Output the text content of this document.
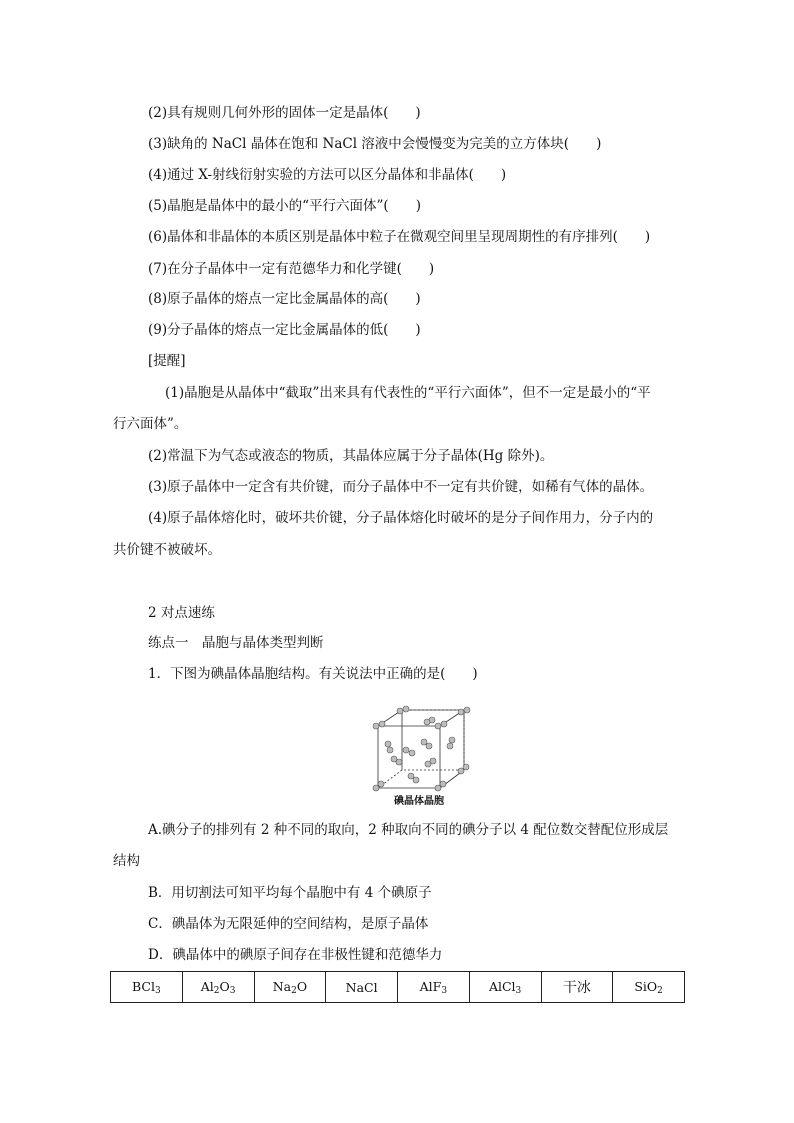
(2)具有规则几何外形的固体一定是晶体(　　)
(3)缺角的 NaCl 晶体在饱和 NaCl 溶液中会慢慢变为完美的立方体块(　　)
(4)通过 X-射线衍射实验的方法可以区分晶体和非晶体(　　)
(5)晶胞是晶体中的最小的“平行六面体”(　　)
(6)晶体和非晶体的本质区别是晶体中粒子在微观空间里呈现周期性的有序排列(　　)
(7)在分子晶体中一定有范德华力和化学键(　　)
(8)原子晶体的熔点一定比金属晶体的高(　　)
(9)分子晶体的熔点一定比金属晶体的低(　　)
[提醒]
(1)晶胞是从晶体中“截取”出来具有代表性的“平行六面体”，但不一定是最小的“平
行六面体”。
(2)常温下为气态或液态的物质，其晶体应属于分子晶体(Hg 除外)。
(3)原子晶体中一定含有共价键，而分子晶体中不一定有共价键，如稀有气体的晶体。
(4)原子晶体熔化时，破坏共价键，分子晶体熔化时破坏的是分子间作用力，分子内的
共价键不被破坏。
2 对点速练
练点一　晶胞与晶体类型判断
1．下图为碘晶体晶胞结构。有关说法中正确的是(　　)
碘晶体晶胞
A.碘分子的排列有 2 种不同的取向，2 种取向不同的碘分子以 4 配位数交替配位形成层
结构
B．用切割法可知平均每个晶胞中有 4 个碘原子
C．碘晶体为无限延伸的空间结构，是原子晶体
D．碘晶体中的碘原子间存在非极性键和范德华力
BCl$_3$	$Al_2O_3$	$Na_2O$	NaCl	AlF$_3$	AlCl$_3$	干冰	SiO$_2$
